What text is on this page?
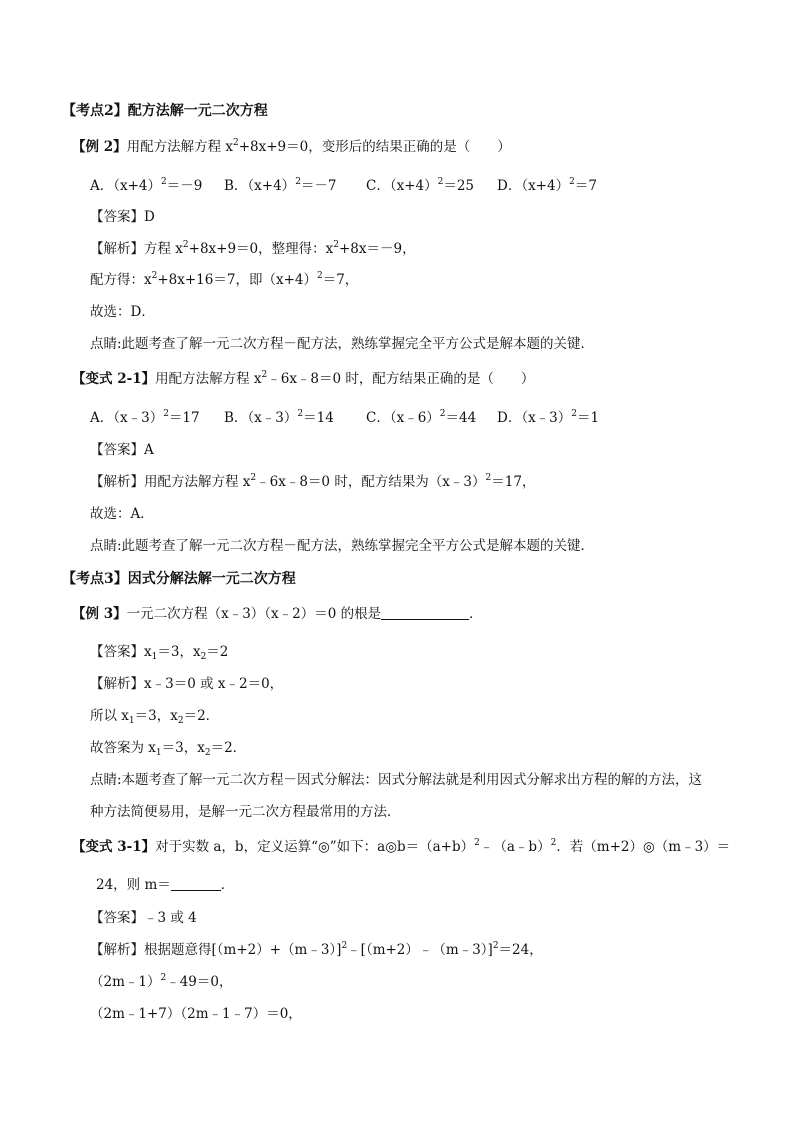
【考点2】配方法解一元二次方程
【例 2】用配方法解方程 $x^2+8x+9=0$，变形后的结果正确的是（　　）
A．$(x+4)^2=-9$ B．$(x+4)^2=-7$ C．$(x+4)^2=25$ D．$(x+4)^2=7$
【答案】D
【解析】方程 $x^2+8x+9=0$，整理得：$x^2+8x=-9$，
配方得：$x^2+8x+16=7$，即$(x+4)^2=7$，
故选：D．
点睛:此题考查了解一元二次方程－配方法，熟练掌握完全平方公式是解本题的关键．
【变式 2-1】用配方法解方程 $x^2﹣6x﹣8=0$ 时，配方结果正确的是（　　）
A．（x﹣3）$^2$＝17 B．（x﹣3）$^2$＝14 C．（x﹣6）$^2$＝44 D．（x﹣3）$^2$＝1
【答案】A
【解析】用配方法解方程 $x^2﹣6x﹣8=0$ 时，配方结果为（x﹣3）$^2$＝17，
故选：A．
点睛:此题考查了解一元二次方程－配方法，熟练掌握完全平方公式是解本题的关键．
【考点3】因式分解法解一元二次方程
【例 3】一元二次方程（x﹣3）（x﹣2）＝0 的根是	．
【答案】$x_1=3$，$x_2=2$
【解析】x﹣3＝0 或 x﹣2＝0，
所以 $x_1=3$，$x_2=2$．
故答案为 $x_1=3$，$x_2=2$．
点睛:本题考查了解一元二次方程－因式分解法：因式分解法就是利用因式分解求出方程的解的方法，这
种方法简便易用，是解一元二次方程最常用的方法．
【变式 3-1】对于实数 a，b，定义运算“◎”如下：$a◎b=(a+b)^2﹣(a﹣b)^2$．若（m+2）◎（m﹣3）＝
24，则 m＝	．
【答案】﹣3 或 4
【解析】根据题意得[（m+2）+（m﹣3）]$^2$﹣[（m+2）﹣（m﹣3）]$^2$＝24，
（2m﹣1）$^2$﹣49＝0，
（2m﹣1+7）（2m﹣1﹣7）＝0，
